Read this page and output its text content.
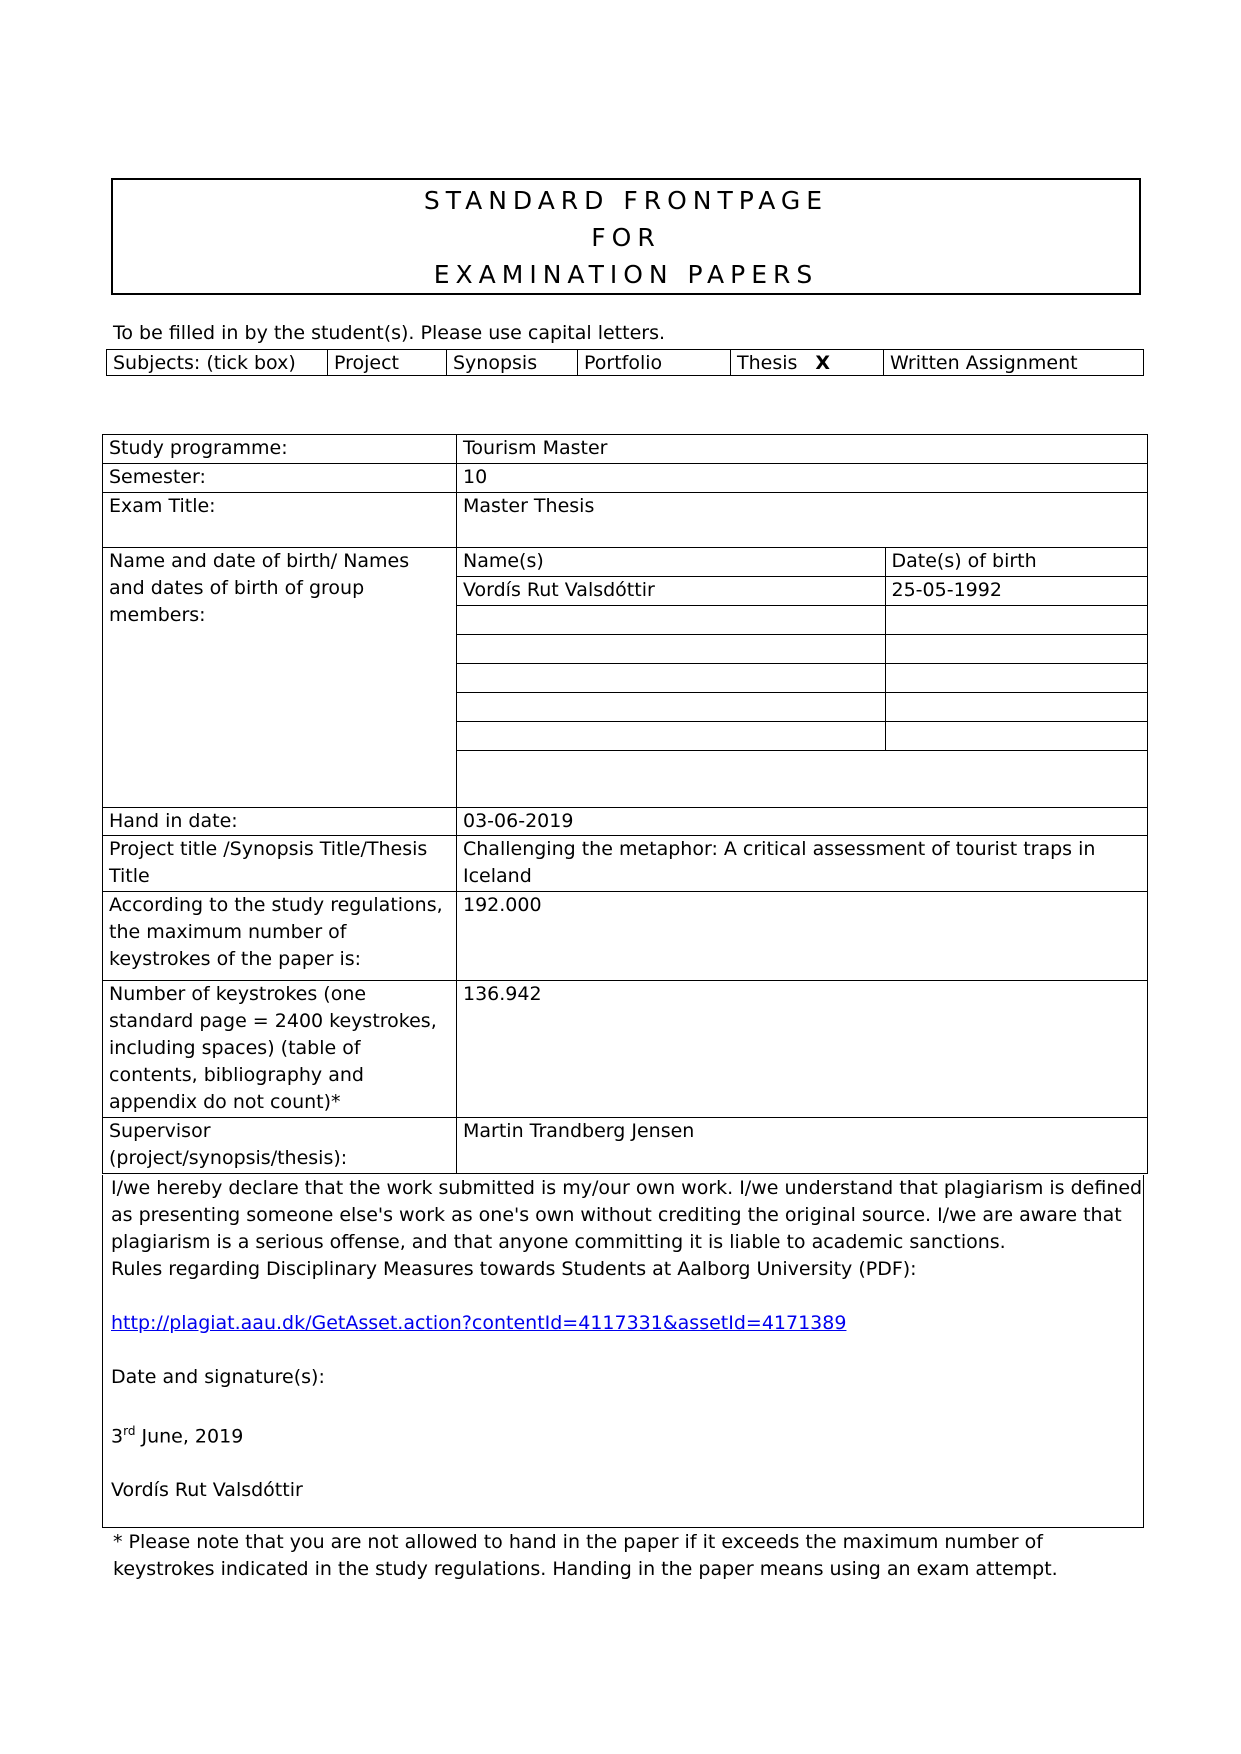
STANDARD FRONTPAGE
FOR
EXAMINATION PAPERS
To be filled in by the student(s). Please use capital letters.
Subjects: (tick box)	Project	Synopsis	Portfolio	Thesis X	Written Assignment
Study programme:	Tourism Master
Semester:	10
Exam Title:	Master Thesis
Name and date of birth/ Names and dates of birth of group members:	
Name(s)	Date(s) of birth
Vordís Rut Valsdóttir	25-05-1992

Hand in date:	03-06-2019
Project title /Synopsis Title/Thesis Title	Challenging the metaphor: A critical assessment of tourist traps in Iceland
According to the study regulations, the maximum number of keystrokes of the paper is:	192.000
Number of keystrokes (one standard page = 2400 keystrokes, including spaces) (table of contents, bibliography and appendix do not count)*	136.942
Supervisor (project/synopsis/thesis):	Martin Trandberg Jensen

I/we hereby declare that the work submitted is my/our own work. I/we understand that plagiarism is defined as presenting someone else's work as one's own without crediting the original source. I/we are aware that plagiarism is a serious offense, and that anyone committing it is liable to academic sanctions.

Rules regarding Disciplinary Measures towards Students at Aalborg University (PDF):

http://plagiat.aau.dk/GetAsset.action?contentId=4117331&assetId=4171389

Date and signature(s):

3rd June, 2019

Vordís Rut Valsdóttir

* Please note that you are not allowed to hand in the paper if it exceeds the maximum number of keystrokes indicated in the study regulations. Handing in the paper means using an exam attempt.
